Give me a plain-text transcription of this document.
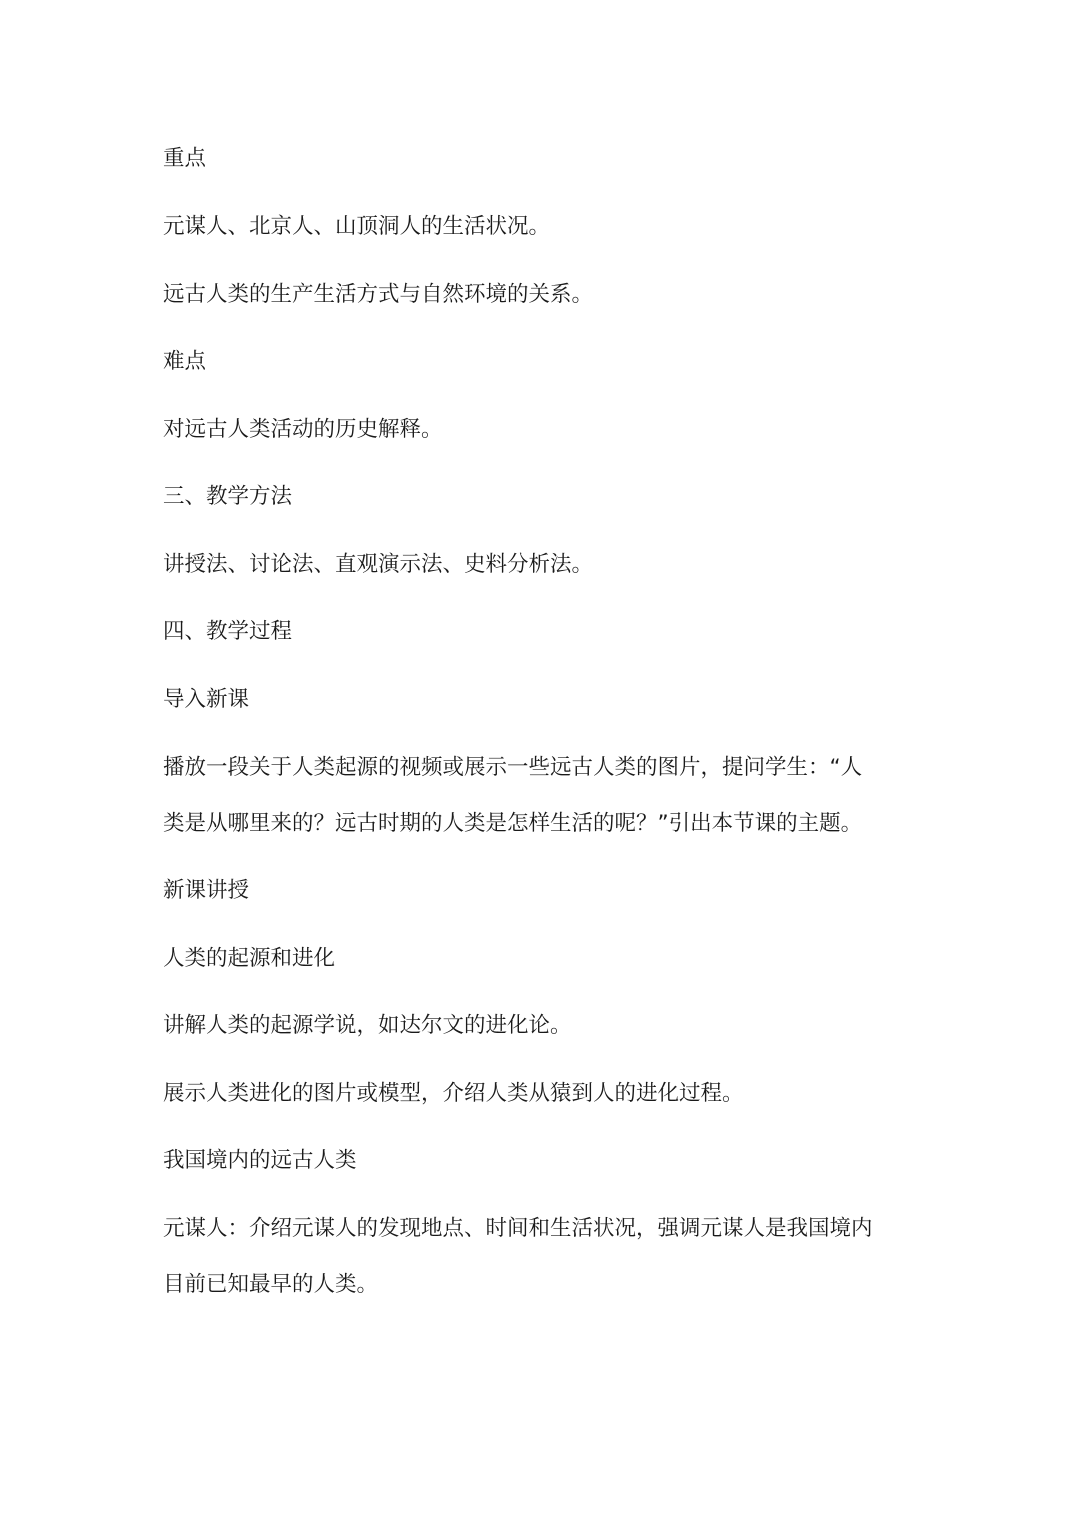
重点

元谋人、北京人、山顶洞人的生活状况。

远古人类的生产生活方式与自然环境的关系。

难点

对远古人类活动的历史解释。

三、教学方法

讲授法、讨论法、直观演示法、史料分析法。

四、教学过程

导入新课

播放一段关于人类起源的视频或展示一些远古人类的图片，提问学生：“人

类是从哪里来的？远古时期的人类是怎样生活的呢？”引出本节课的主题。

新课讲授

人类的起源和进化

讲解人类的起源学说，如达尔文的进化论。

展示人类进化的图片或模型，介绍人类从猿到人的进化过程。

我国境内的远古人类

元谋人：介绍元谋人的发现地点、时间和生活状况，强调元谋人是我国境内

目前已知最早的人类。
